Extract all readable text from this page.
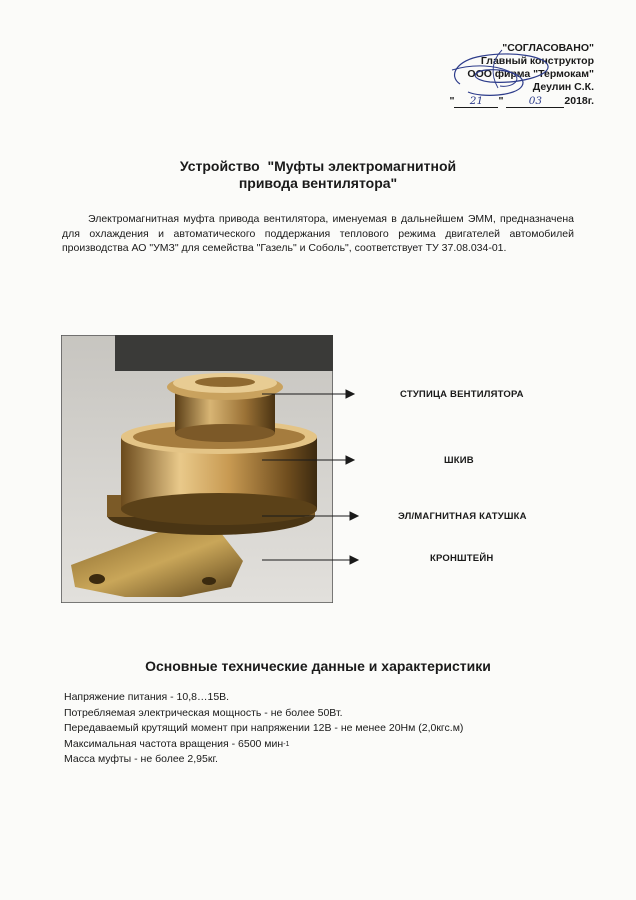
"СОГЛАСОВАНО"
Главный конструктор
ООО фирма "Термокам"
Деулин С.К.
" 21 " 03 2018г.
Устройство  "Муфты электромагнитной
привода вентилятора"
Электромагнитная муфта привода вентилятора, именуемая в дальнейшем ЭММ, предназначена для охлаждения и автоматического поддержания теплового режима двигателей автомобилей производства АО "УМЗ" для семейства "Газель" и Соболь", соответствует ТУ 37.08.034-01.
СТУПИЦА ВЕНТИЛЯТОРА
ШКИВ
ЭЛ/МАГНИТНАЯ КАТУШКА
КРОНШТЕЙН
Основные технические данные и характеристики
Напряжение питания - 10,8…15В.
Потребляемая электрическая мощность - не более 50Вт.
Передаваемый крутящий момент при напряжении 12В - не менее 20Нм (2,0кгс.м)
Максимальная частота вращения - 6500 мин$^{-1}$
Масса муфты - не более 2,95кг.
